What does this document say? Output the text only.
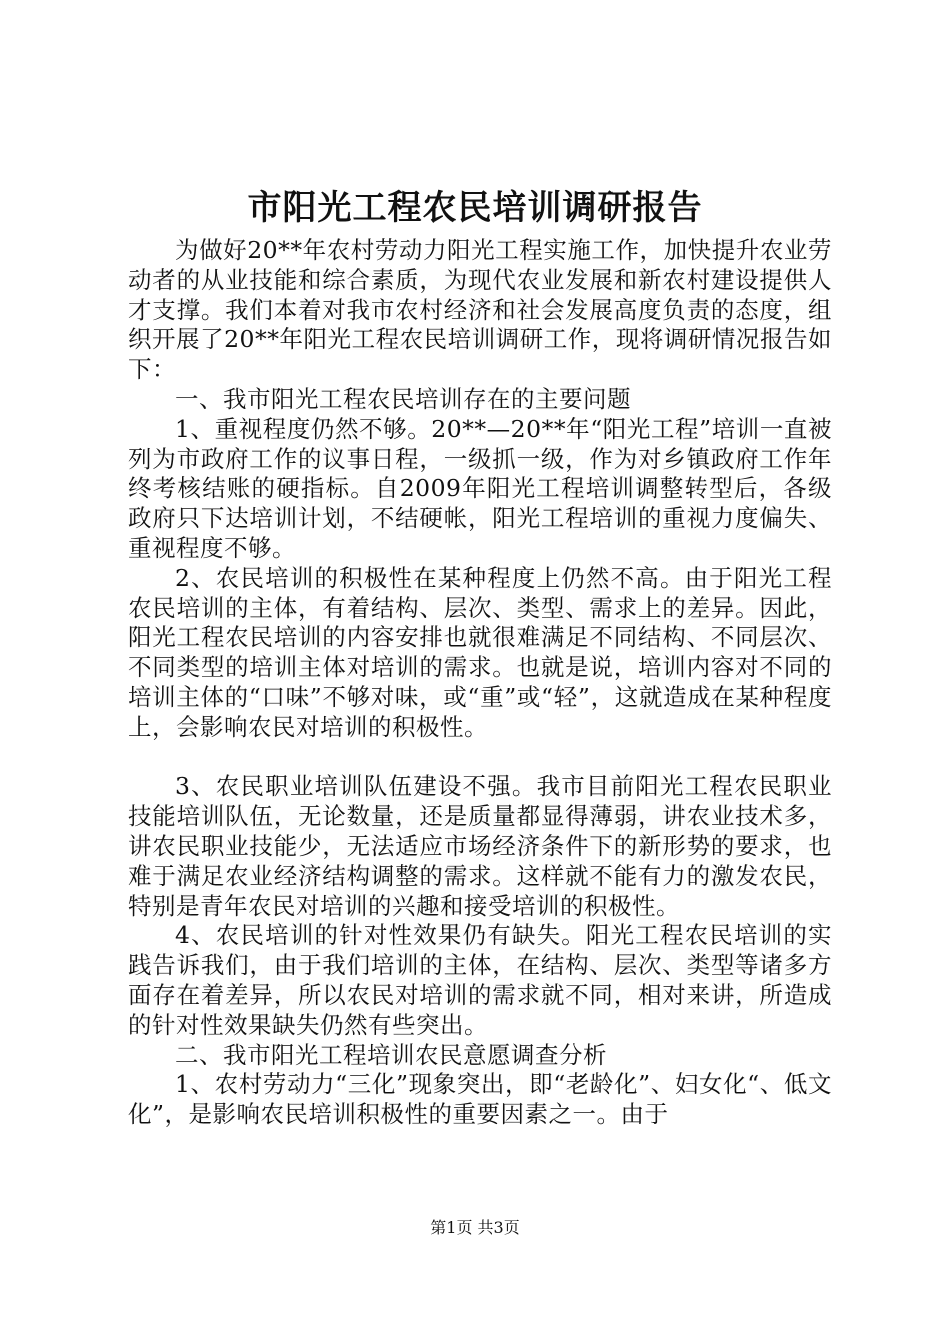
市阳光工程农民培训调研报告

为做好20**年农村劳动力阳光工程实施工作，加快提升农业劳动者的从业技能和综合素质，为现代农业发展和新农村建设提供人才支撑。我们本着对我市农村经济和社会发展高度负责的态度，组织开展了20**年阳光工程农民培训调研工作，现将调研情况报告如下：

一、我市阳光工程农民培训存在的主要问题

1、重视程度仍然不够。20**—20**年“阳光工程”培训一直被列为市政府工作的议事日程，一级抓一级，作为对乡镇政府工作年终考核结账的硬指标。自2009年阳光工程培训调整转型后，各级政府只下达培训计划，不结硬帐，阳光工程培训的重视力度偏失、重视程度不够。

2、农民培训的积极性在某种程度上仍然不高。由于阳光工程农民培训的主体，有着结构、层次、类型、需求上的差异。因此，阳光工程农民培训的内容安排也就很难满足不同结构、不同层次、不同类型的培训主体对培训的需求。也就是说，培训内容对不同的培训主体的“口味”不够对味，或“重”或“轻”，这就造成在某种程度上，会影响农民对培训的积极性。

3、农民职业培训队伍建设不强。我市目前阳光工程农民职业技能培训队伍，无论数量，还是质量都显得薄弱，讲农业技术多，讲农民职业技能少，无法适应市场经济条件下的新形势的要求，也难于满足农业经济结构调整的需求。这样就不能有力的激发农民，特别是青年农民对培训的兴趣和接受培训的积极性。

4、农民培训的针对性效果仍有缺失。阳光工程农民培训的实践告诉我们，由于我们培训的主体，在结构、层次、类型等诸多方面存在着差异，所以农民对培训的需求就不同，相对来讲，所造成的针对性效果缺失仍然有些突出。

二、我市阳光工程培训农民意愿调查分析

1、农村劳动力“三化”现象突出，即“老龄化”、妇女化“、低文化”，是影响农民培训积极性的重要因素之一。由于

第1页 共3页
